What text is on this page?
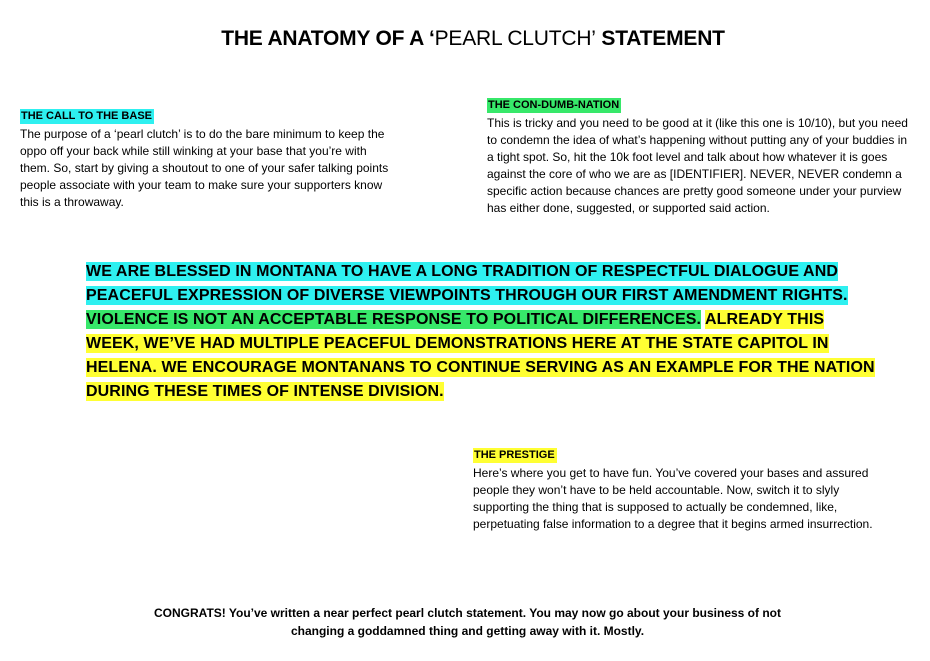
THE ANATOMY OF A ‘PEARL CLUTCH’ STATEMENT
THE CALL TO THE BASE
The purpose of a ‘pearl clutch’ is to do the bare minimum to keep the oppo off your back while still winking at your base that you’re with them. So, start by giving a shoutout to one of your safer talking points people associate with your team to make sure your supporters know this is a throwaway.
THE CON-DUMB-NATION
This is tricky and you need to be good at it (like this one is 10/10), but you need to condemn the idea of what’s happening without putting any of your buddies in a tight spot. So, hit the 10k foot level and talk about how whatever it is goes against the core of who we are as [IDENTIFIER]. NEVER, NEVER condemn a specific action because chances are pretty good someone under your purview has either done, suggested, or supported said action.
WE ARE BLESSED IN MONTANA TO HAVE A LONG TRADITION OF RESPECTFUL DIALOGUE AND PEACEFUL EXPRESSION OF DIVERSE VIEWPOINTS THROUGH OUR FIRST AMENDMENT RIGHTS. VIOLENCE IS NOT AN ACCEPTABLE RESPONSE TO POLITICAL DIFFERENCES. ALREADY THIS WEEK, WE’VE HAD MULTIPLE PEACEFUL DEMONSTRATIONS HERE AT THE STATE CAPITOL IN HELENA. WE ENCOURAGE MONTANANS TO CONTINUE SERVING AS AN EXAMPLE FOR THE NATION DURING THESE TIMES OF INTENSE DIVISION.
THE PRESTIGE
Here’s where you get to have fun. You’ve covered your bases and assured people they won’t have to be held accountable. Now, switch it to slyly supporting the thing that is supposed to actually be condemned, like, perpetuating false information to a degree that it begins armed insurrection.
CONGRATS! You’ve written a near perfect pearl clutch statement. You may now go about your business of not changing a goddamned thing and getting away with it. Mostly.
